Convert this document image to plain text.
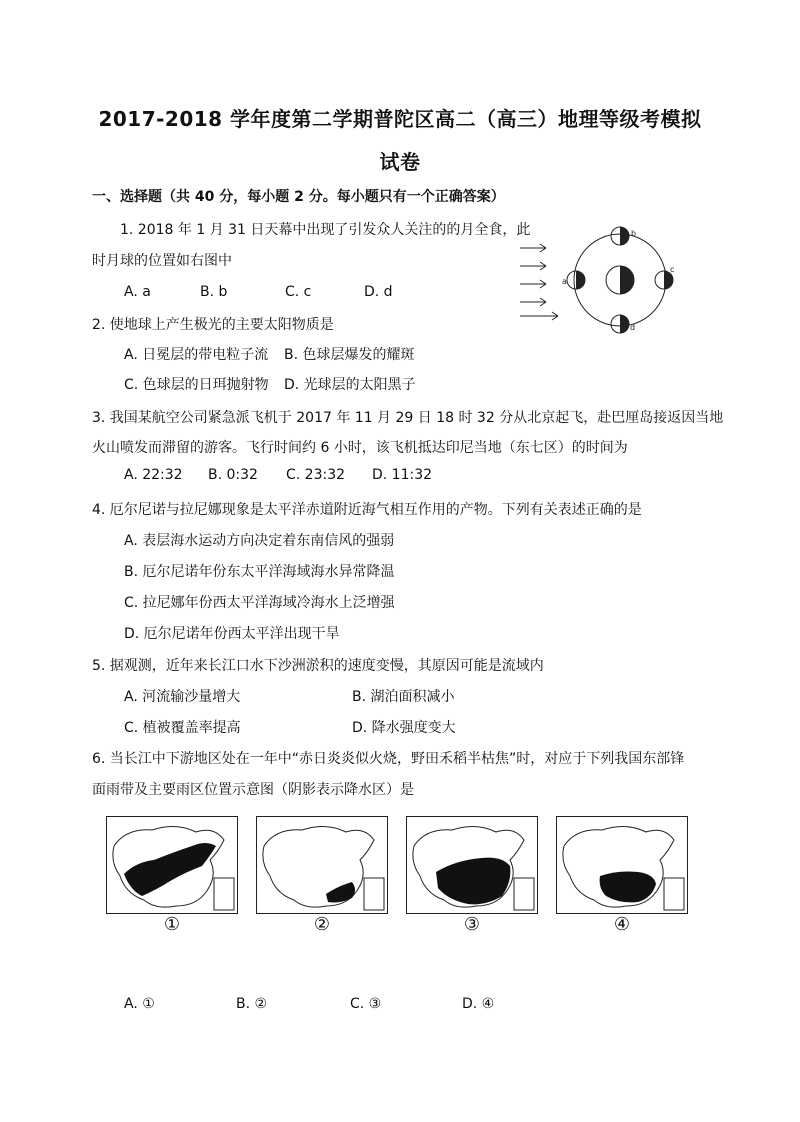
2017-2018 学年度第二学期普陀区高二（高三）地理等级考模拟
试卷
一、选择题（共 40 分，每小题 2 分。每小题只有一个正确答案）
1. 2018 年 1 月 31 日天幕中出现了引发众人关注的的月全食，此
时月球的位置如右图中
A. a	B. b	C. c	D. d
a
b
c
d
2. 使地球上产生极光的主要太阳物质是
A. 日冕层的带电粒子流 B. 色球层爆发的耀斑
C. 色球层的日珥抛射物 D. 光球层的太阳黑子
3. 我国某航空公司紧急派飞机于 2017 年 11 月 29 日 18 时 32 分从北京起飞，赴巴厘岛接返因当地
火山喷发而滞留的游客。飞行时间约 6 小时，该飞机抵达印尼当地（东七区）的时间为
A. 22:32 B. 0:32 C. 23:32 D. 11:32
4. 厄尔尼诺与拉尼娜现象是太平洋赤道附近海气相互作用的产物。下列有关表述正确的是
A. 表层海水运动方向决定着东南信风的强弱
B. 厄尔尼诺年份东太平洋海域海水异常降温
C. 拉尼娜年份西太平洋海域冷海水上泛增强
D. 厄尔尼诺年份西太平洋出现干旱
5. 据观测，近年来长江口水下沙洲淤积的速度变慢，其原因可能是流域内
A. 河流输沙量增大	B. 湖泊面积减小
C. 植被覆盖率提高	D. 降水强度变大
6. 当长江中下游地区处在一年中“赤日炎炎似火烧，野田禾稻半枯焦”时，对应于下列我国东部锋
面雨带及主要雨区位置示意图（阴影表示降水区）是
①	②	③	④
A. ①	B. ②	C. ③	D. ④
